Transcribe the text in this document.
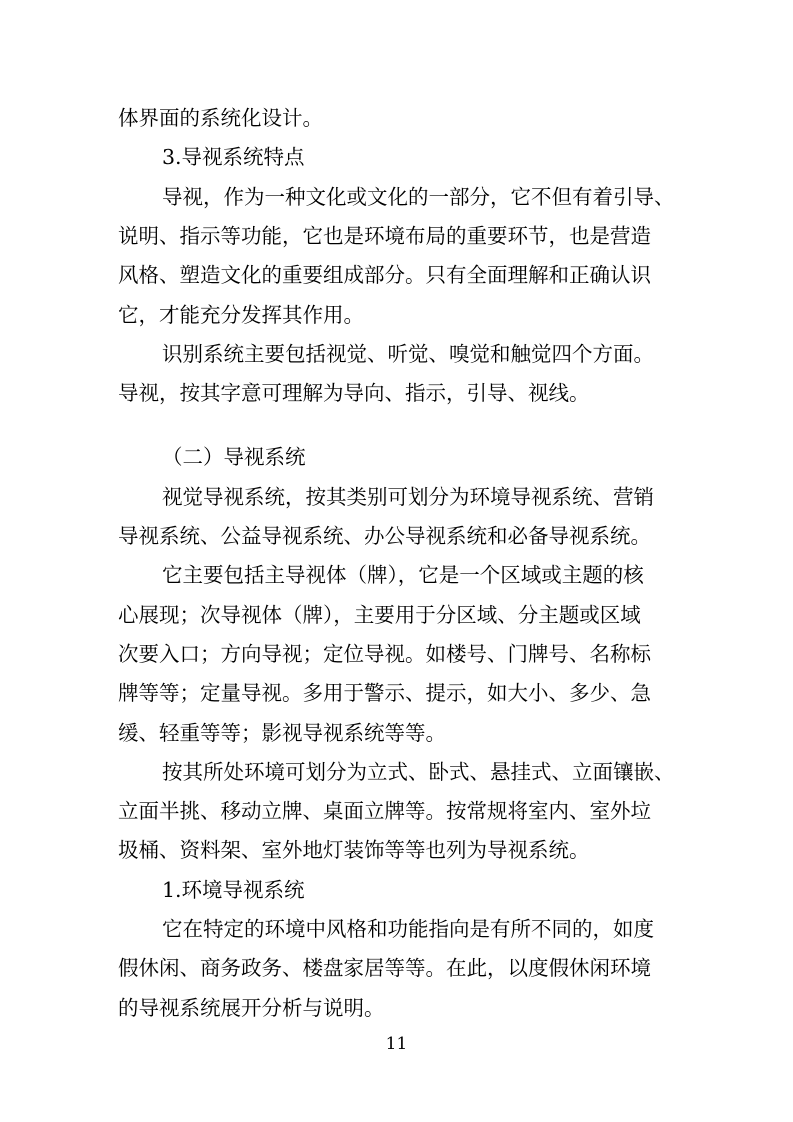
体界面的系统化设计。

3.导视系统特点

导视，作为一种文化或文化的一部分，它不但有着引导、

说明、指示等功能，它也是环境布局的重要环节，也是营造

风格、塑造文化的重要组成部分。只有全面理解和正确认识

它，才能充分发挥其作用。

识别系统主要包括视觉、听觉、嗅觉和触觉四个方面。

导视，按其字意可理解为导向、指示，引导、视线。

（二）导视系统

视觉导视系统，按其类别可划分为环境导视系统、营销

导视系统、公益导视系统、办公导视系统和必备导视系统。

它主要包括主导视体（牌），它是一个区域或主题的核

心展现；次导视体（牌），主要用于分区域、分主题或区域

次要入口；方向导视；定位导视。如楼号、门牌号、名称标

牌等等；定量导视。多用于警示、提示，如大小、多少、急

缓、轻重等等；影视导视系统等等。

按其所处环境可划分为立式、卧式、悬挂式、立面镶嵌、

立面半挑、移动立牌、桌面立牌等。按常规将室内、室外垃

圾桶、资料架、室外地灯装饰等等也列为导视系统。

1.环境导视系统

它在特定的环境中风格和功能指向是有所不同的，如度

假休闲、商务政务、楼盘家居等等。在此，以度假休闲环境

的导视系统展开分析与说明。

11
